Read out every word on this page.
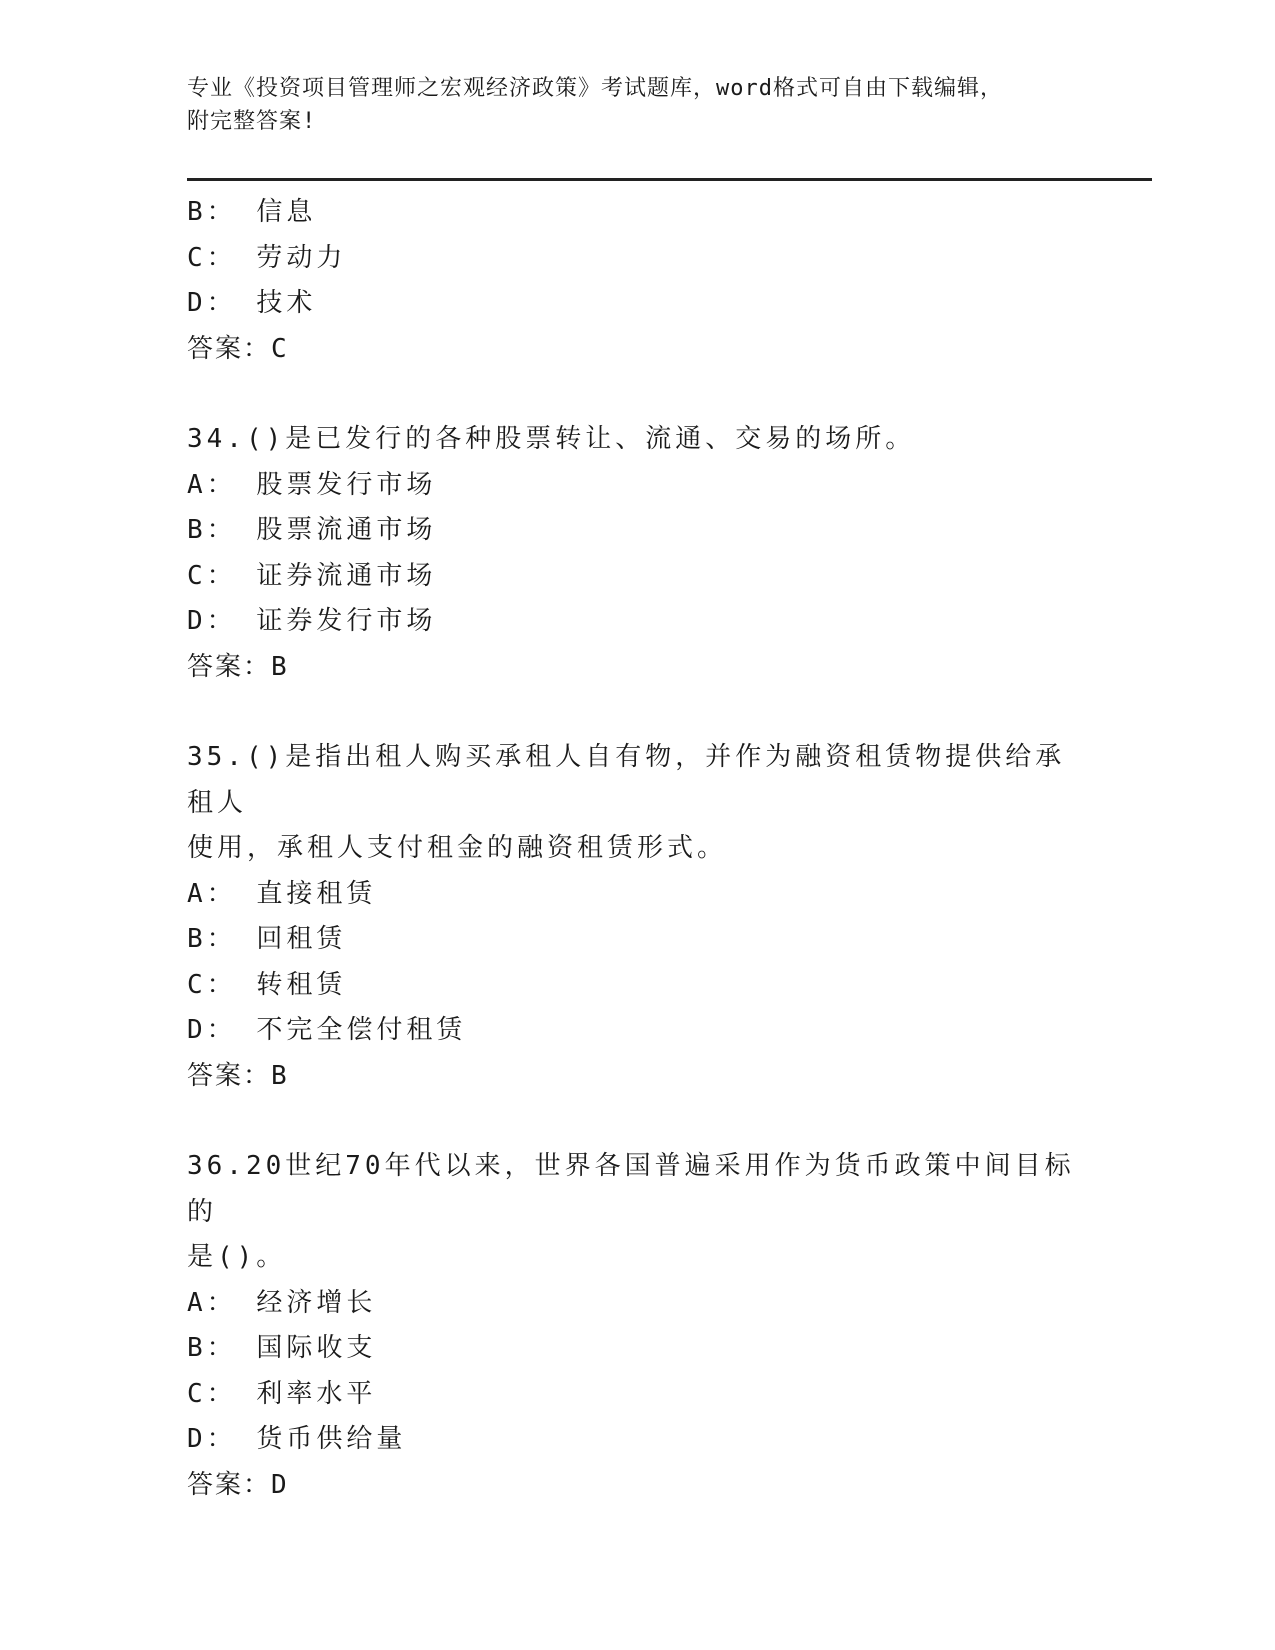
专业《投资项目管理师之宏观经济政策》考试题库，word格式可自由下载编辑，
附完整答案!
B： 信息
C： 劳动力
D： 技术
答案：C
34.()是已发行的各种股票转让、流通、交易的场所。
A： 股票发行市场
B： 股票流通市场
C： 证券流通市场
D： 证券发行市场
答案：B
35.()是指出租人购买承租人自有物，并作为融资租赁物提供给承租人
使用，承租人支付租金的融资租赁形式。
A： 直接租赁
B： 回租赁
C： 转租赁
D： 不完全偿付租赁
答案：B
36.20世纪70年代以来，世界各国普遍采用作为货币政策中间目标的
是()。
A： 经济增长
B： 国际收支
C： 利率水平
D： 货币供给量
答案：D
